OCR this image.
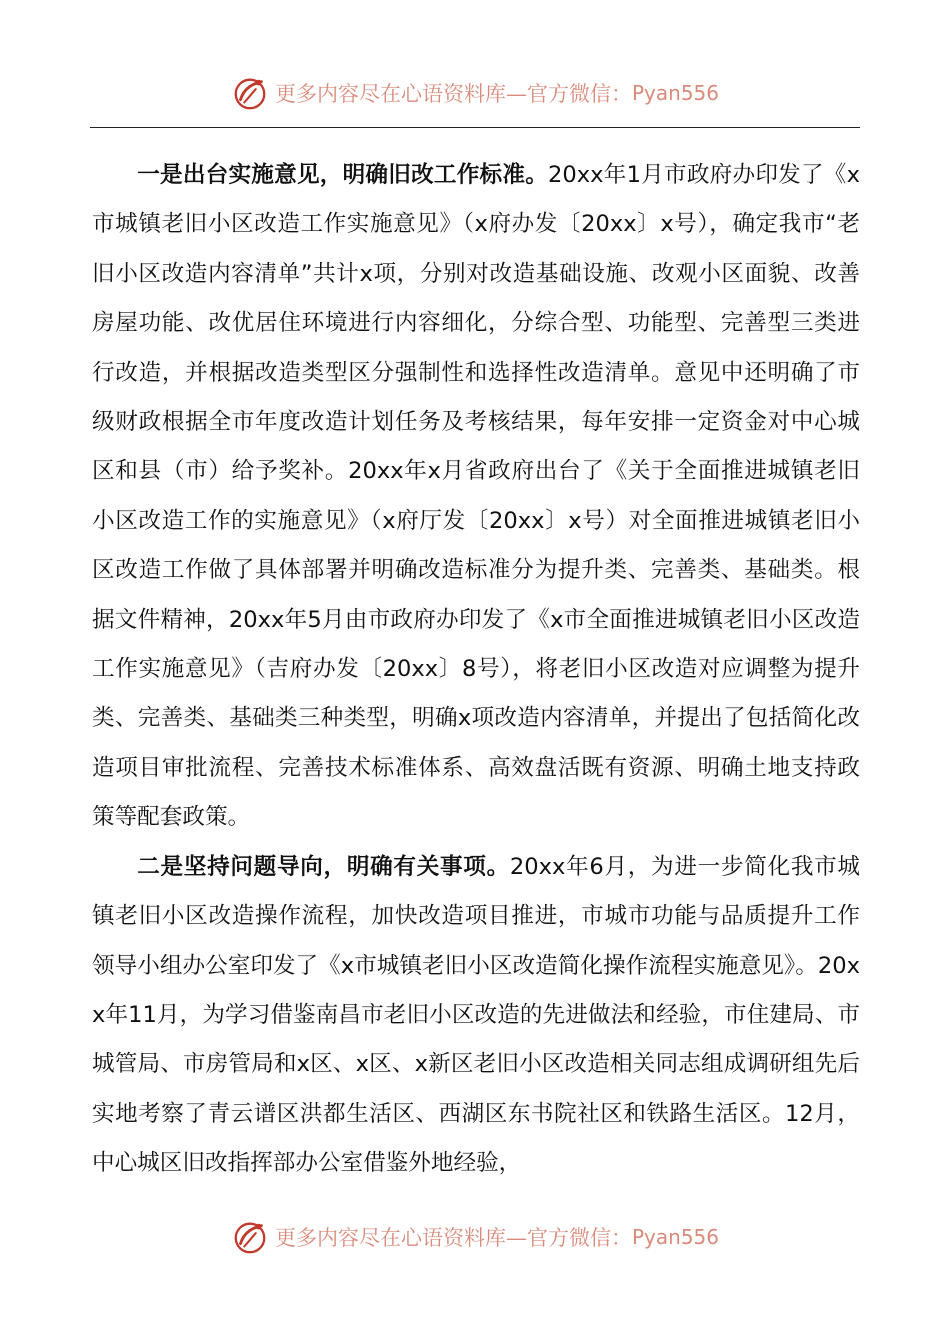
更多内容尽在心语资料库—官方微信： Pyan556

一是出台实施意见，明确旧改工作标准。20xx年1月市政府办印发了《x市城镇老旧小区改造工作实施意见》（x府办发〔20xx〕x号），确定我市“老旧小区改造内容清单”共计x项，分别对改造基础设施、改观小区面貌、改善房屋功能、改优居住环境进行内容细化，分综合型、功能型、完善型三类进行改造，并根据改造类型区分强制性和选择性改造清单。意见中还明确了市级财政根据全市年度改造计划任务及考核结果，每年安排一定资金对中心城区和县（市）给予奖补。20xx年x月省政府出台了《关于全面推进城镇老旧小区改造工作的实施意见》（x府厅发〔20xx〕x号）对全面推进城镇老旧小区改造工作做了具体部署并明确改造标准分为提升类、完善类、基础类。根据文件精神，20xx年5月由市政府办印发了《x市全面推进城镇老旧小区改造工作实施意见》（吉府办发〔20xx〕8号），将老旧小区改造对应调整为提升类、完善类、基础类三种类型，明确x项改造内容清单，并提出了包括简化改造项目审批流程、完善技术标准体系、高效盘活既有资源、明确土地支持政策等配套政策。

二是坚持问题导向，明确有关事项。20xx年6月，为进一步简化我市城镇老旧小区改造操作流程，加快改造项目推进，市城市功能与品质提升工作领导小组办公室印发了《x市城镇老旧小区改造简化操作流程实施意见》。20xx年11月，为学习借鉴南昌市老旧小区改造的先进做法和经验，市住建局、市城管局、市房管局和x区、x区、x新区老旧小区改造相关同志组成调研组先后实地考察了青云谱区洪都生活区、西湖区东书院社区和铁路生活区。12月，中心城区旧改指挥部办公室借鉴外地经验，

更多内容尽在心语资料库—官方微信： Pyan556
